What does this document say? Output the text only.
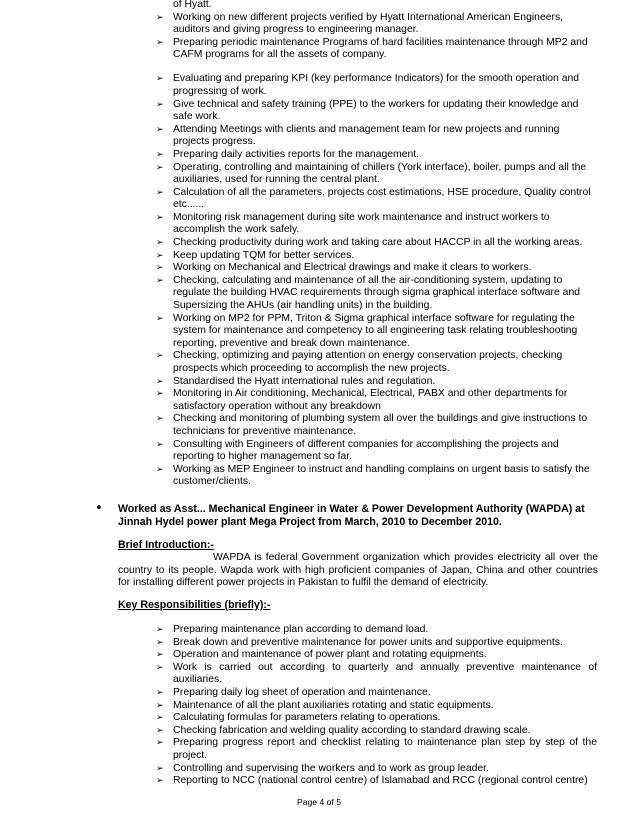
of Hyatt.
➢ Working on new different projects verified by Hyatt International American Engineers, auditors and giving progress to engineering manager.
➢ Preparing periodic maintenance Programs of hard facilities maintenance through MP2 and CAFM programs for all the assets of company.
➢ Evaluating and preparing KPI (key performance Indicators) for the smooth operation and progressing of work.
➢ Give technical and safety training (PPE) to the workers for updating their knowledge and safe work.
➢ Attending Meetings with clients and management team for new projects and running projects progress.
➢ Preparing daily activities reports for the management.
➢ Operating, controlling and maintaining of chillers (York interface), boiler, pumps and all the auxiliaries, used for running the central plant.
➢ Calculation of all the parameters, projects cost estimations, HSE procedure, Quality control etc......
➢ Monitoring risk management during site work maintenance and instruct workers to accomplish the work safely.
➢ Checking productivity during work and taking care about HACCP in all the working areas.
➢ Keep updating TQM for better services.
➢ Working on Mechanical and Electrical drawings and make it clears to workers.
➢ Checking, calculating and maintenance of all the air-conditioning system, updating to regulate the building HVAC requirements through sigma graphical interface software and Supersizing the AHUs (air handling units) in the building.
➢ Working on MP2 for PPM, Triton & Sigma graphical interface software for regulating the system for maintenance and competency to all engineering task relating troubleshooting reporting, preventive and break down maintenance.
➢ Checking, optimizing and paying attention on energy conservation projects, checking prospects which proceeding to accomplish the new projects.
➢ Standardised the Hyatt international rules and regulation.
➢ Monitoring in Air conditioning, Mechanical, Electrical, PABX and other departments for satisfactory operation without any breakdown
➢ Checking and monitoring of plumbing system all over the buildings and give instructions to technicians for preventive maintenance.
➢ Consulting with Engineers of different companies for accomplishing the projects and reporting to higher management so far.
➢ Working as MEP Engineer to instruct and handling complains on urgent basis to satisfy the customer/clients.
• Worked as Asst... Mechanical Engineer in Water & Power Development Authority (WAPDA) at Jinnah Hydel power plant Mega Project from March, 2010 to December 2010.
Brief Introduction:-
WAPDA is federal Government organization which provides electricity all over the country to its people. Wapda work with high proficient companies of Japan, China and other countries for installing different power projects in Pakistan to fulfil the demand of electricity.
Key Responsibilities (briefly):-
➢ Preparing maintenance plan according to demand load.
➢ Break down and preventive maintenance for power units and supportive equipments.
➢ Operation and maintenance of power plant and rotating equipments.
➢ Work is carried out according to quarterly and annually preventive maintenance of auxiliaries.
➢ Preparing daily log sheet of operation and maintenance.
➢ Maintenance of all the plant auxiliaries rotating and static equipments.
➢ Calculating formulas for parameters relating to operations.
➢ Checking fabrication and welding quality according to standard drawing scale.
➢ Preparing progress report and checklist relating to maintenance plan step by step of the project.
➢ Controlling and supervising the workers and to work as group leader.
➢ Reporting to NCC (national control centre) of Islamabad and RCC (regional control centre)
Page 4 of 5
